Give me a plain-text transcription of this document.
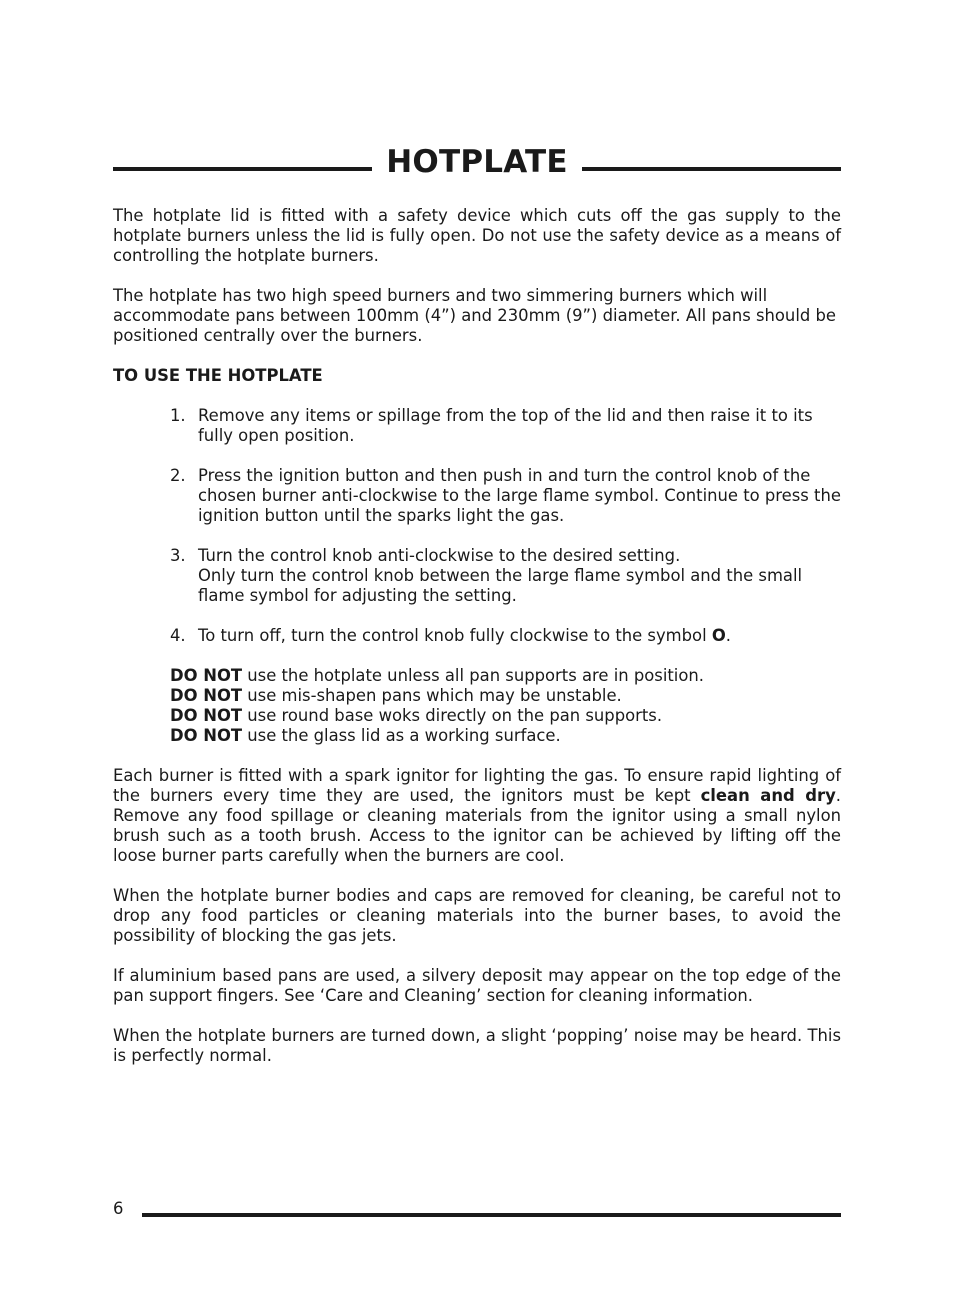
HOTPLATE

The hotplate lid is fitted with a safety device which cuts off the gas supply to the hotplate burners unless the lid is fully open. Do not use the safety device as a means of controlling the hotplate burners.

The hotplate has two high speed burners and two simmering burners which will accommodate pans between 100mm (4”) and 230mm (9”) diameter. All pans should be positioned centrally over the burners.

TO USE THE HOTPLATE
1. Remove any items or spillage from the top of the lid and then raise it to its fully open position.
2. Press the ignition button and then push in and turn the control knob of the chosen burner anti-clockwise to the large flame symbol. Continue to press the ignition button until the sparks light the gas.
3. Turn the control knob anti-clockwise to the desired setting.
Only turn the control knob between the large flame symbol and the small flame symbol for adjusting the setting.
4. To turn off, turn the control knob fully clockwise to the symbol O.
DO NOT use the hotplate unless all pan supports are in position.
DO NOT use mis-shapen pans which may be unstable.
DO NOT use round base woks directly on the pan supports.
DO NOT use the glass lid as a working surface.

Each burner is fitted with a spark ignitor for lighting the gas. To ensure rapid lighting of the burners every time they are used, the ignitors must be kept clean and dry. Remove any food spillage or cleaning materials from the ignitor using a small nylon brush such as a tooth brush. Access to the ignitor can be achieved by lifting off the loose burner parts carefully when the burners are cool.

When the hotplate burner bodies and caps are removed for cleaning, be careful not to drop any food particles or cleaning materials into the burner bases, to avoid the possibility of blocking the gas jets.

If aluminium based pans are used, a silvery deposit may appear on the top edge of the pan support fingers. See ‘Care and Cleaning’ section for cleaning information.

When the hotplate burners are turned down, a slight ‘popping’ noise may be heard. This is perfectly normal.

6
